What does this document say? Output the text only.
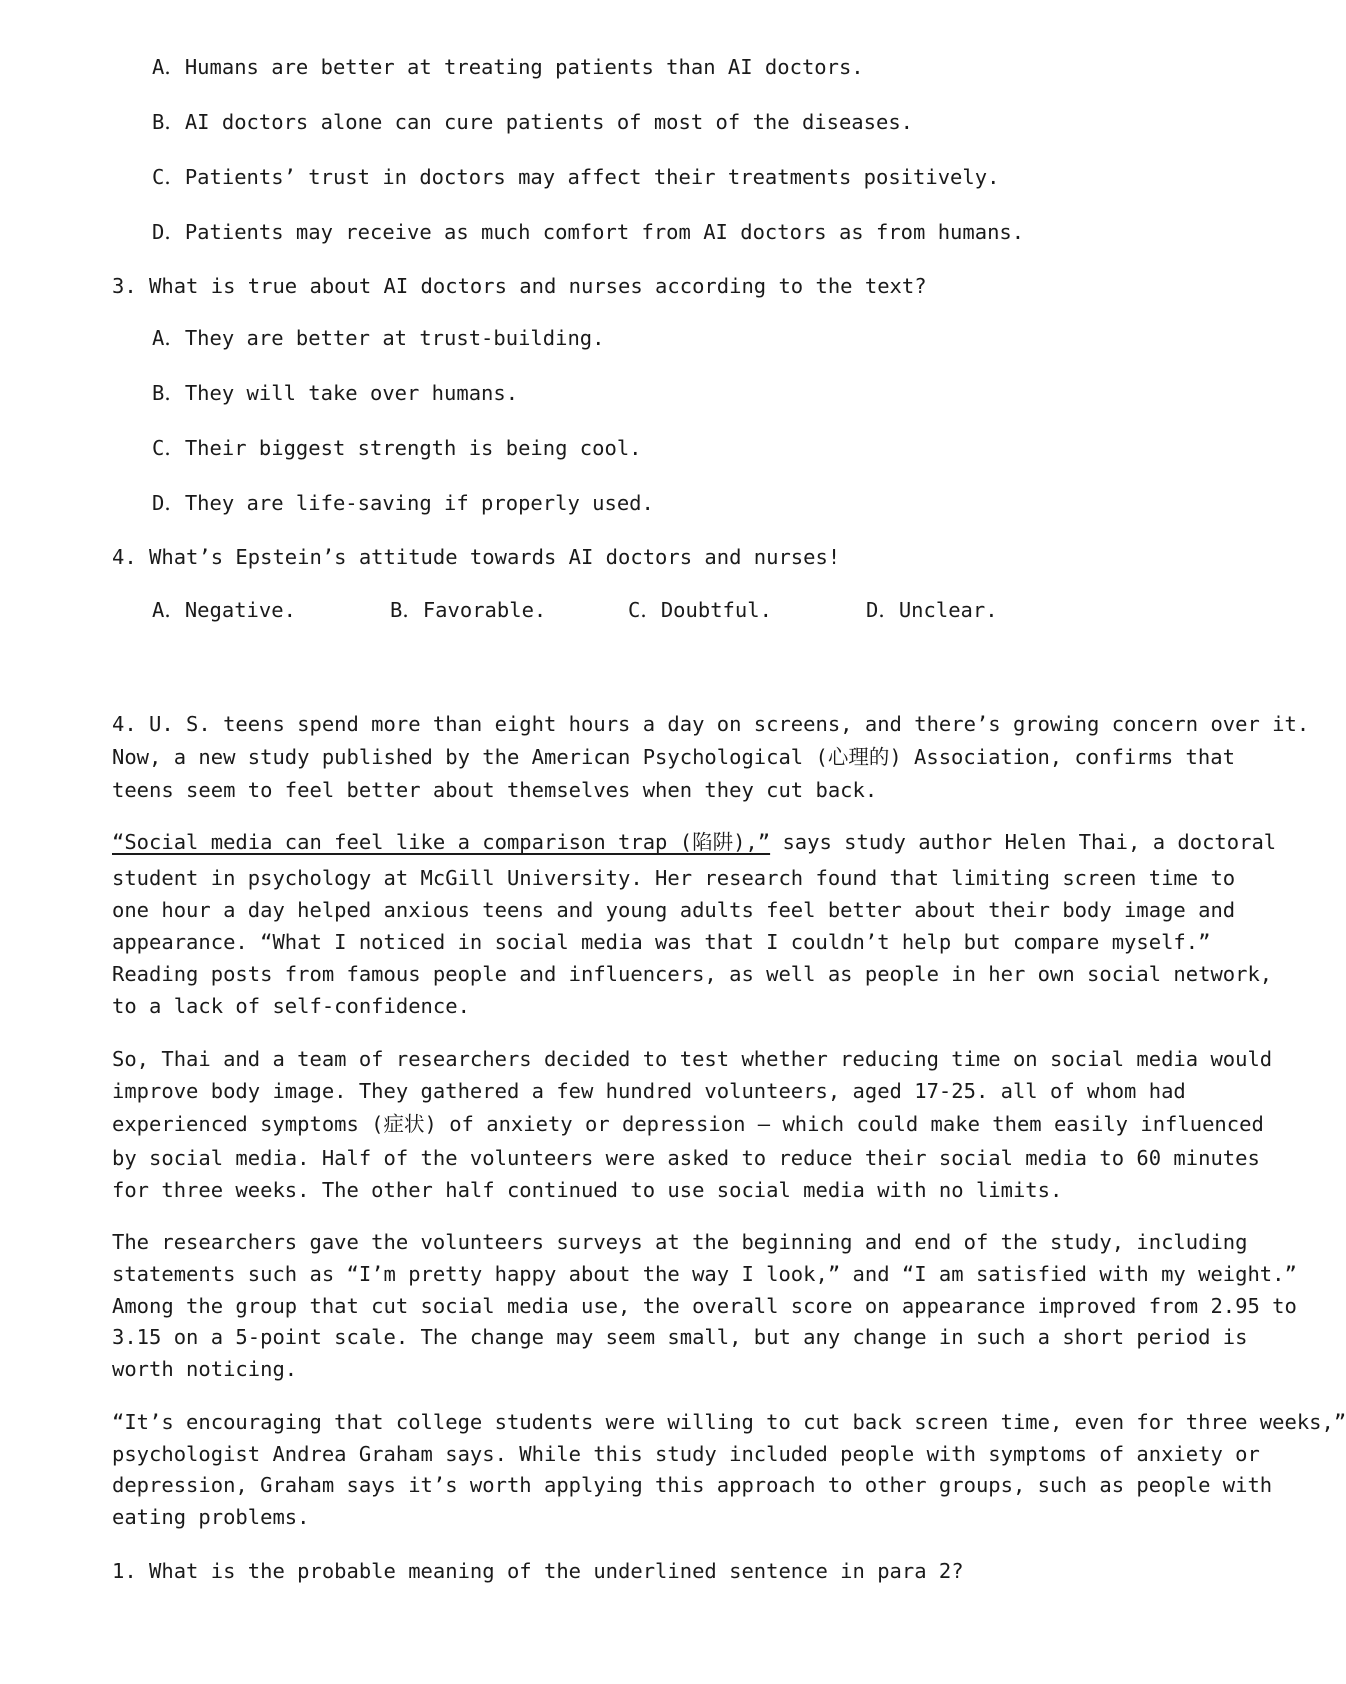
A．Humans are better at treating patients than AI doctors.
B．AI doctors alone can cure patients of most of the diseases.
C．Patients’ trust in doctors may affect their treatments positively.
D．Patients may receive as much comfort from AI doctors as from humans.
3. What is true about AI doctors and nurses according to the text?
A．They are better at trust-building.
B．They will take over humans.
C．Their biggest strength is being cool.
D．They are life-saving if properly used.
4. What’s Epstein’s attitude towards AI doctors and nurses!
A．Negative.	B．Favorable.	C．Doubtful.	D．Unclear.
4. U. S. teens spend more than eight hours a day on screens, and there’s growing concern over it.
Now, a new study published by the American Psychological (心理的) Association, confirms that
teens seem to feel better about themselves when they cut back.
“Social media can feel like a comparison trap (陷阱),” says study author Helen Thai, a doctoral
student in psychology at McGill University. Her research found that limiting screen time to
one hour a day helped anxious teens and young adults feel better about their body image and
appearance. “What I noticed in social media was that I couldn’t help but compare myself.”
Reading posts from famous people and influencers, as well as people in her own social network,
to a lack of self-confidence.
So, Thai and a team of researchers decided to test whether reducing time on social media would
improve body image. They gathered a few hundred volunteers, aged 17-25. all of whom had
experienced symptoms (症状) of anxiety or depression — which could make them easily influenced
by social media. Half of the volunteers were asked to reduce their social media to 60 minutes
for three weeks. The other half continued to use social media with no limits.
The researchers gave the volunteers surveys at the beginning and end of the study, including
statements such as “I’m pretty happy about the way I look,” and “I am satisfied with my weight.”
Among the group that cut social media use, the overall score on appearance improved from 2.95 to
3.15 on a 5-point scale. The change may seem small, but any change in such a short period is
worth noticing.
“It’s encouraging that college students were willing to cut back screen time, even for three weeks,”
psychologist Andrea Graham says. While this study included people with symptoms of anxiety or
depression, Graham says it’s worth applying this approach to other groups, such as people with
eating problems.
1. What is the probable meaning of the underlined sentence in para 2?
